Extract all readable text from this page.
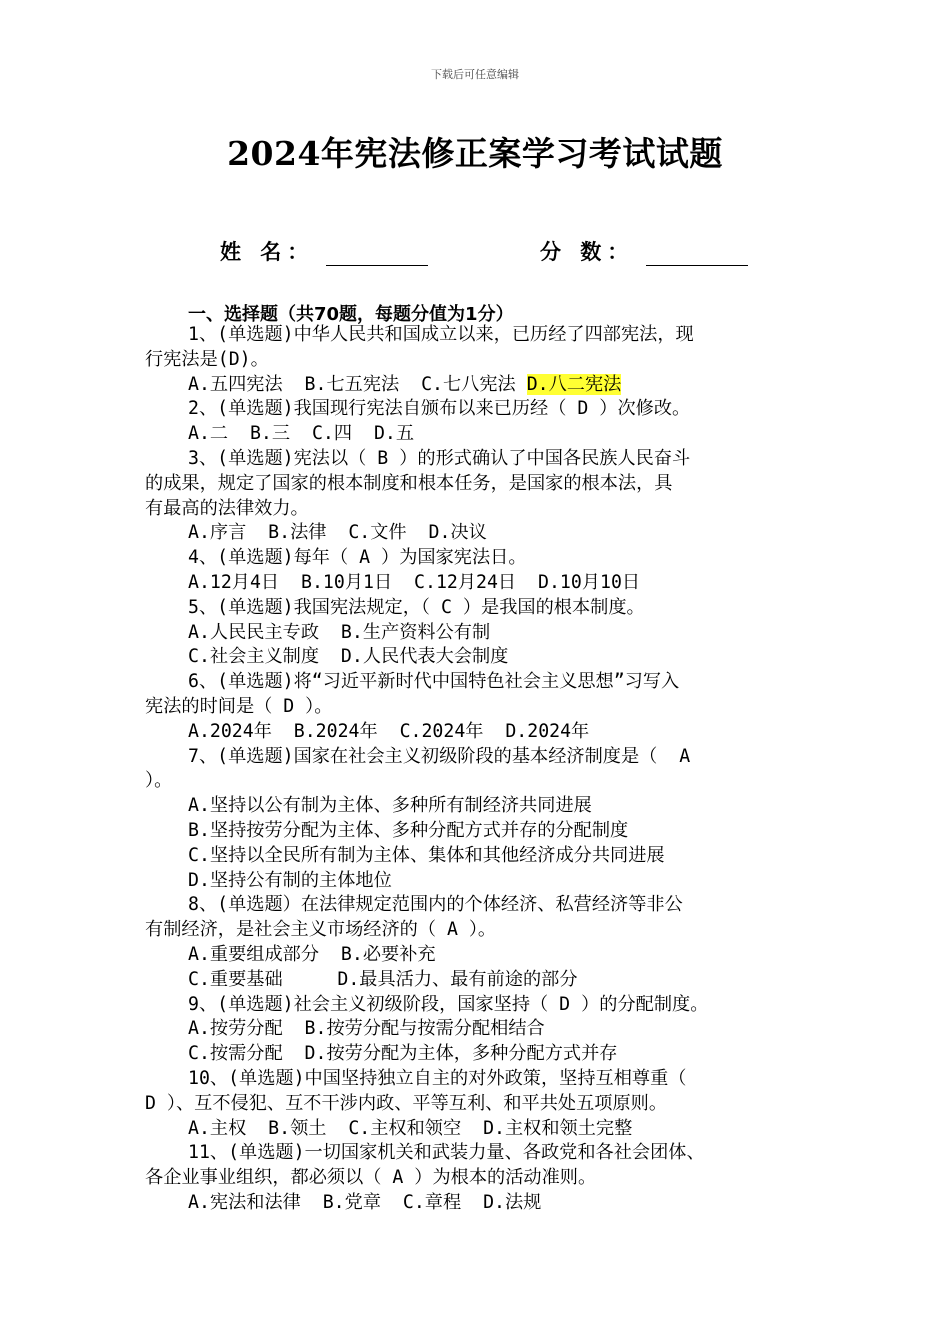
下载后可任意编辑
2024年宪法修正案学习考试试题
姓 名：	分 数：
一、选择题（共70题，每题分值为1分）
1、(单选题)中华人民共和国成立以来，已历经了四部宪法，现
行宪法是(D)。
A.五四宪法  B.七五宪法  C.七八宪法 D.八二宪法
2、(单选题)我国现行宪法自颁布以来已历经（ D ）次修改。
A.二  B.三  C.四  D.五
3、(单选题)宪法以（ B ）的形式确认了中国各民族人民奋斗
的成果，规定了国家的根本制度和根本任务，是国家的根本法，具
有最高的法律效力。
A.序言  B.法律  C.文件  D.决议
4、(单选题)每年（ A ）为国家宪法日。
A.12月4日  B.10月1日  C.12月24日  D.10月10日
5、(单选题)我国宪法规定，（ C ）是我国的根本制度。
A.人民民主专政  B.生产资料公有制
C.社会主义制度  D.人民代表大会制度
6、(单选题)将“习近平新时代中国特色社会主义思想”习写入
宪法的时间是（ D ）。
A.2024年  B.2024年  C.2024年  D.2024年
7、(单选题)国家在社会主义初级阶段的基本经济制度是（  A
）。
A.坚持以公有制为主体、多种所有制经济共同进展
B.坚持按劳分配为主体、多种分配方式并存的分配制度
C.坚持以全民所有制为主体、集体和其他经济成分共同进展
D.坚持公有制的主体地位
8、(单选题）在法律规定范围内的个体经济、私营经济等非公
有制经济，是社会主义市场经济的（ A ）。
A.重要组成部分  B.必要补充
C.重要基础     D.最具活力、最有前途的部分
9、(单选题)社会主义初级阶段，国家坚持（ D ）的分配制度。
A.按劳分配  B.按劳分配与按需分配相结合
C.按需分配  D.按劳分配为主体，多种分配方式并存
10、(单选题)中国坚持独立自主的对外政策，坚持互相尊重（
D ）、互不侵犯、互不干涉内政、平等互利、和平共处五项原则。
A.主权  B.领土  C.主权和领空  D.主权和领土完整
11、(单选题)一切国家机关和武装力量、各政党和各社会团体、
各企业事业组织，都必须以（ A ）为根本的活动准则。
A.宪法和法律  B.党章  C.章程  D.法规
